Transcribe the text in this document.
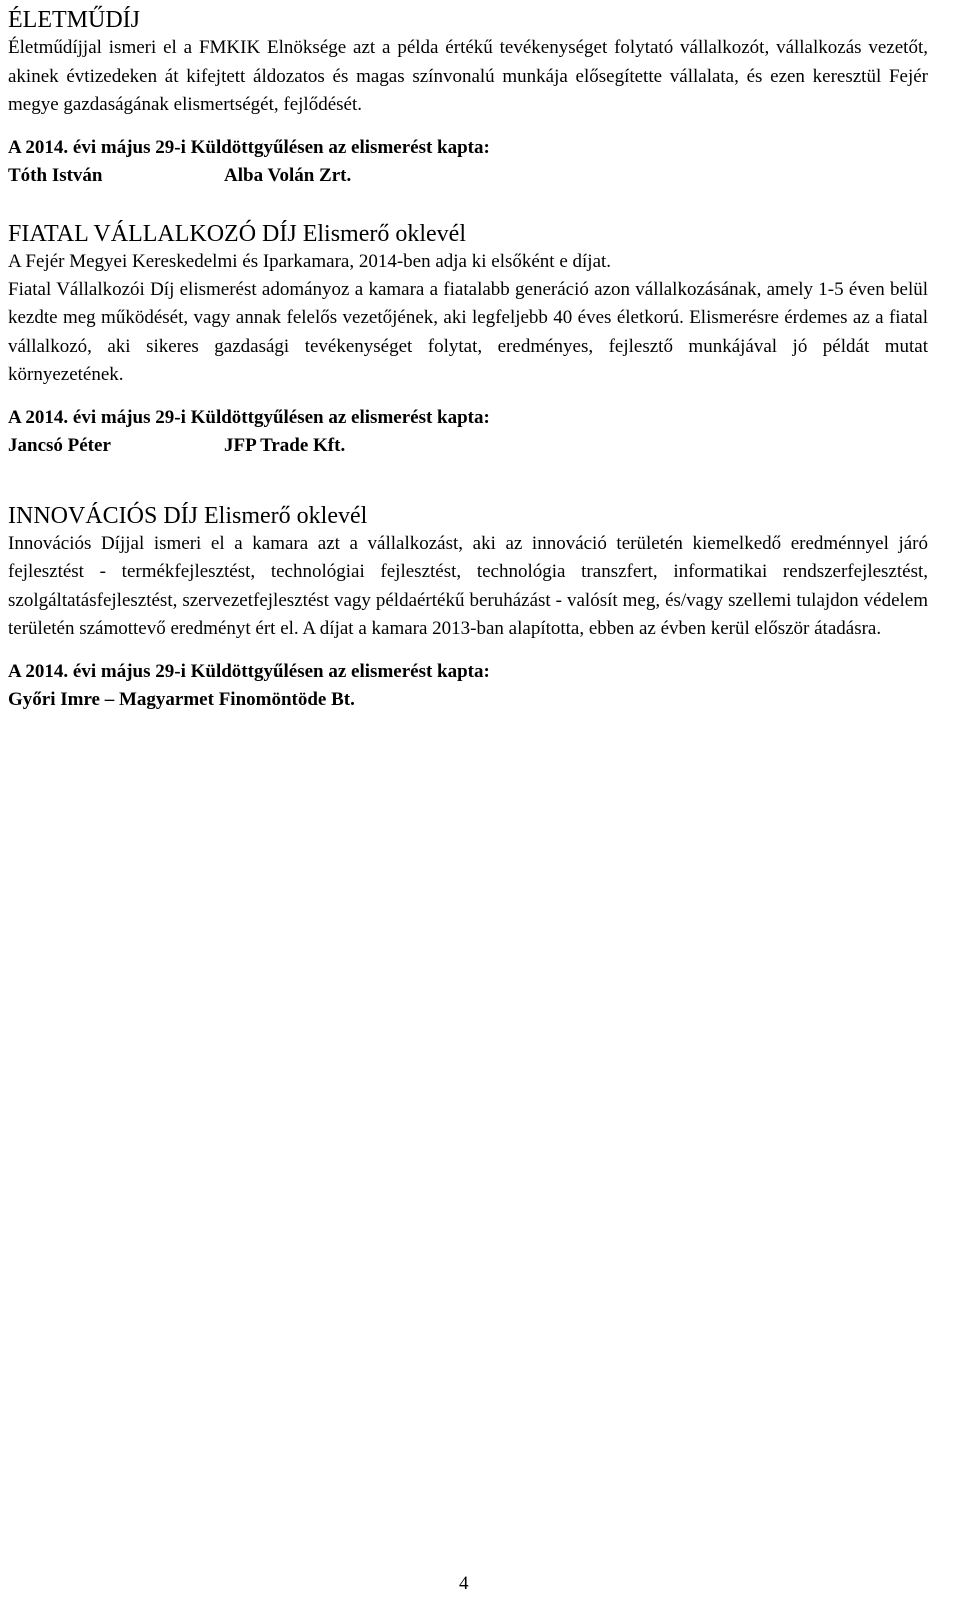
ÉLETMŰDÍJ

Életműdíjjal ismeri el a FMKIK Elnöksége azt a példa értékű tevékenységet folytató vállalkozót, vállalkozás vezetőt, akinek évtizedeken át kifejtett áldozatos és magas színvonalú munkája elősegítette vállalata, és ezen keresztül Fejér megye gazdaságának elismertségét, fejlődését.

A 2014. évi május 29-i Küldöttgyűlésen az elismerést kapta:

Tóth István	Alba Volán Zrt.

FIATAL VÁLLALKOZÓ DÍJ Elismerő oklevél

A Fejér Megyei Kereskedelmi és Iparkamara, 2014-ben adja ki elsőként e díjat.

Fiatal Vállalkozói Díj elismerést adományoz a kamara a fiatalabb generáció azon vállalkozásának, amely 1-5 éven belül kezdte meg működését, vagy annak felelős vezetőjének, aki legfeljebb 40 éves életkorú. Elismerésre érdemes az a fiatal vállalkozó, aki sikeres gazdasági tevékenységet folytat, eredményes, fejlesztő munkájával jó példát mutat környezetének.

A 2014. évi május 29-i Küldöttgyűlésen az elismerést kapta:

Jancsó Péter	JFP Trade Kft.

INNOVÁCIÓS DÍJ Elismerő oklevél

Innovációs Díjjal ismeri el a kamara azt a vállalkozást, aki az innováció területén kiemelkedő eredménnyel járó fejlesztést - termékfejlesztést, technológiai fejlesztést, technológia transzfert, informatikai rendszerfejlesztést, szolgáltatásfejlesztést, szervezetfejlesztést vagy példaértékű beruházást - valósít meg, és/vagy szellemi tulajdon védelem területén számottevő eredményt ért el. A díjat a kamara 2013-ban alapította, ebben az évben kerül először átadásra.

A 2014. évi május 29-i Küldöttgyűlésen az elismerést kapta:

Győri Imre – Magyarmet Finomöntöde Bt.

4
